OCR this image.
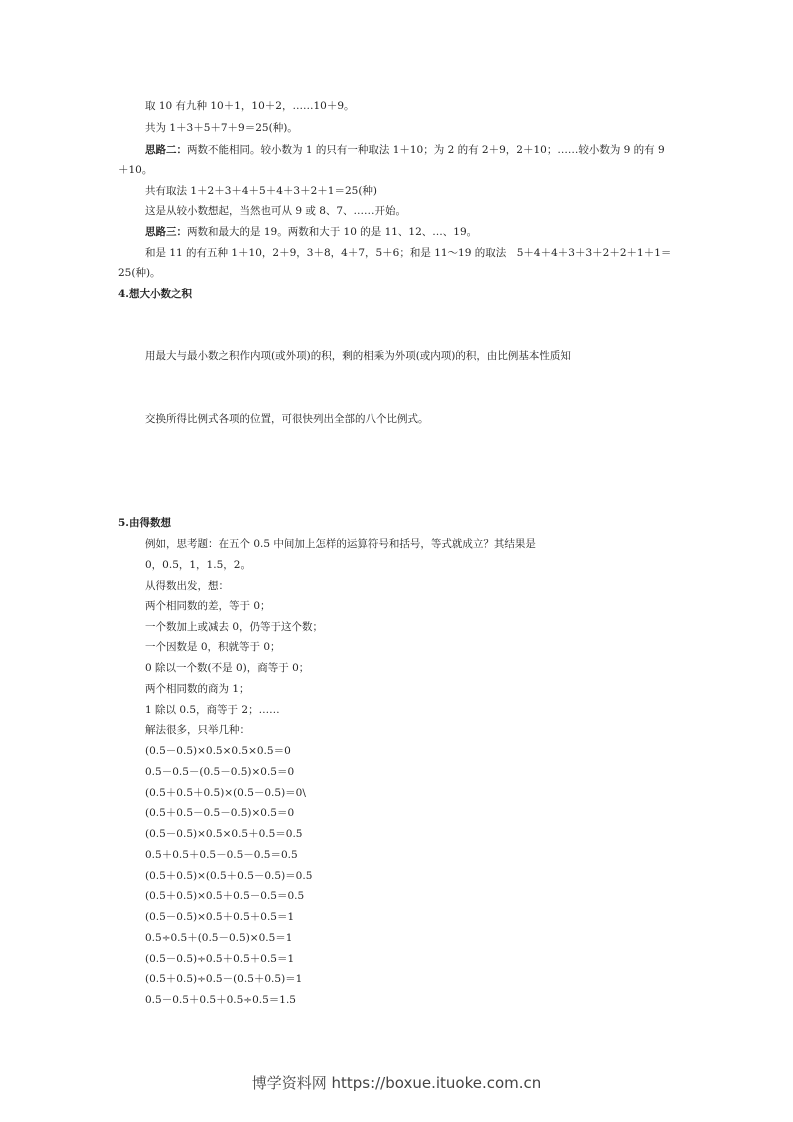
取 10 有九种 10＋1，10＋2，……10＋9。
共为 1＋3＋5＋7＋9＝25(种)。
思路二：两数不能相同。较小数为 1 的只有一种取法 1＋10；为 2 的有 2＋9，2＋10；……较小数为 9 的有 9
＋10。
共有取法 1＋2＋3＋4＋5＋4＋3＋2＋1＝25(种)
这是从较小数想起，当然也可从 9 或 8、7、……开始。
思路三：两数和最大的是 19。两数和大于 10 的是 11、12、…、19。
和是 11 的有五种 1＋10，2＋9，3＋8，4＋7，5＋6；和是 11～19 的取法　5＋4＋4＋3＋3＋2＋2＋1＋1＝
25(种)。
4.想大小数之积
用最大与最小数之积作内项(或外项)的积，剩的相乘为外项(或内项)的积，由比例基本性质知
交换所得比例式各项的位置，可很快列出全部的八个比例式。
5.由得数想
例如，思考题：在五个 0.5 中间加上怎样的运算符号和括号，等式就成立？其结果是
0，0.5，1，1.5，2。
从得数出发，想：
两个相同数的差，等于 0；
一个数加上或减去 0，仍等于这个数；
一个因数是 0，积就等于 0；
0 除以一个数(不是 0)，商等于 0；
两个相同数的商为 1；
1 除以 0.5，商等于 2；……
解法很多，只举几种：
(0.5－0.5)×0.5×0.5×0.5＝0
0.5－0.5－(0.5－0.5)×0.5＝0
(0.5＋0.5＋0.5)×(0.5－0.5)＝0\
(0.5＋0.5－0.5－0.5)×0.5＝0
(0.5－0.5)×0.5×0.5＋0.5＝0.5
0.5＋0.5＋0.5－0.5－0.5＝0.5
(0.5＋0.5)×(0.5＋0.5－0.5)＝0.5
(0.5＋0.5)×0.5＋0.5－0.5＝0.5
(0.5－0.5)×0.5＋0.5＋0.5＝1
0.5÷0.5＋(0.5－0.5)×0.5＝1
(0.5－0.5)÷0.5＋0.5＋0.5＝1
(0.5＋0.5)÷0.5－(0.5＋0.5)＝1
0.5－0.5＋0.5＋0.5÷0.5＝1.5
博学资料网 https://boxue.ituoke.com.cn
